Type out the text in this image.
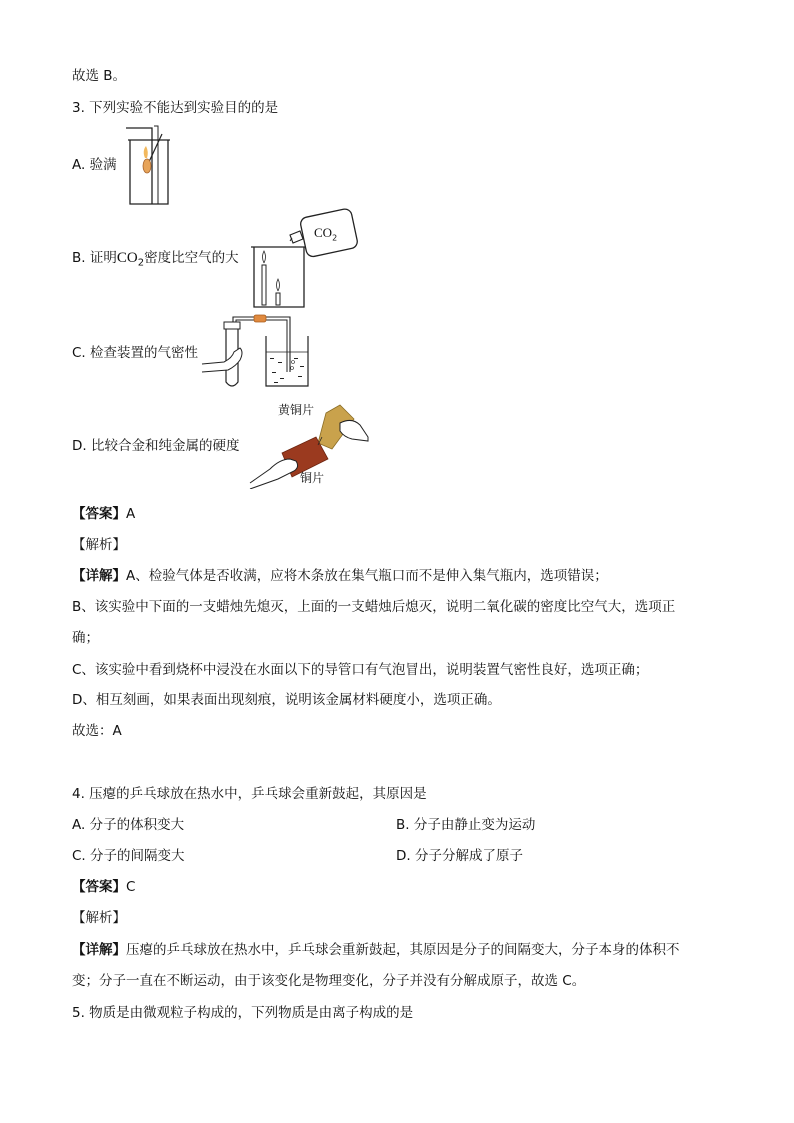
故选 B。
3. 下列实验不能达到实验目的的是
A. 验满
B. 证明$CO_2$密度比空气的大
C. 检查装置的气密性
D. 比较合金和纯金属的硬度
【答案】A
【解析】
【详解】A、检验气体是否收满，应将木条放在集气瓶口而不是伸入集气瓶内，选项错误；
B、该实验中下面的一支蜡烛先熄灭，上面的一支蜡烛后熄灭，说明二氧化碳的密度比空气大，选项正
确；
C、该实验中看到烧杯中浸没在水面以下的导管口有气泡冒出，说明装置气密性良好，选项正确；
D、相互刻画，如果表面出现刻痕，说明该金属材料硬度小，选项正确。
故选：A
4. 压瘪的乒乓球放在热水中，乒乓球会重新鼓起，其原因是
A. 分子的体积变大	B. 分子由静止变为运动
C. 分子的间隔变大	D. 分子分解成了原子
【答案】C
【解析】
【详解】压瘪的乒乓球放在热水中，乒乓球会重新鼓起，其原因是分子的间隔变大，分子本身的体积不
变；分子一直在不断运动，由于该变化是物理变化，分子并没有分解成原子，故选 C。
5. 物质是由微观粒子构成的，下列物质是由离子构成的是
$CO_2$
黄铜片
铜片
